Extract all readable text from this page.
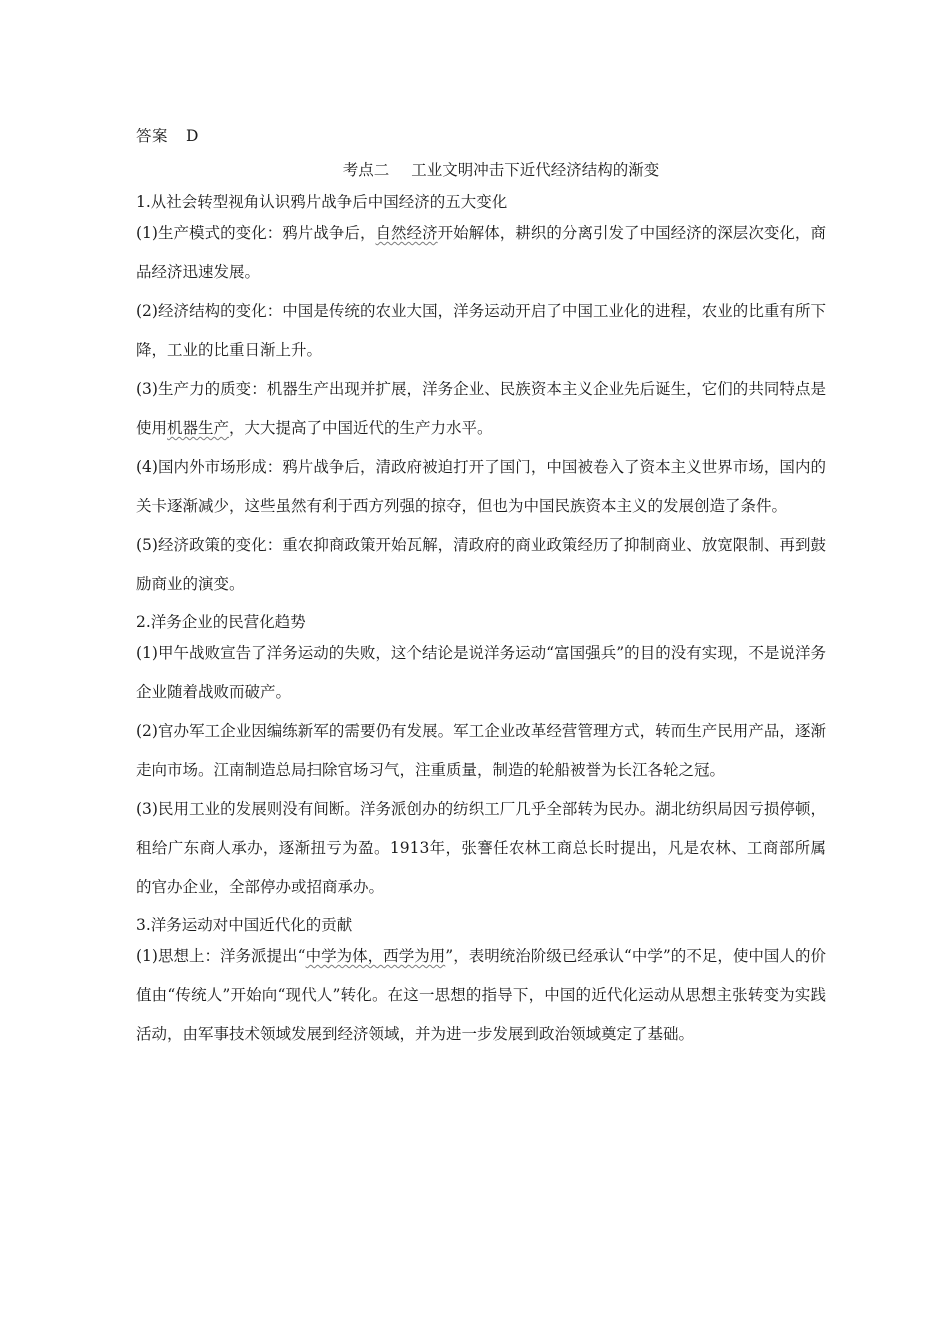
答案 D
考点二 工业文明冲击下近代经济结构的渐变
1.从社会转型视角认识鸦片战争后中国经济的五大变化

(1)生产模式的变化：鸦片战争后，自然经济开始解体，耕织的分离引发了中国经济的深层次变化，商品经济迅速发展。

(2)经济结构的变化：中国是传统的农业大国，洋务运动开启了中国工业化的进程，农业的比重有所下降，工业的比重日渐上升。

(3)生产力的质变：机器生产出现并扩展，洋务企业、民族资本主义企业先后诞生，它们的共同特点是使用机器生产，大大提高了中国近代的生产力水平。

(4)国内外市场形成：鸦片战争后，清政府被迫打开了国门，中国被卷入了资本主义世界市场，国内的关卡逐渐减少，这些虽然有利于西方列强的掠夺，但也为中国民族资本主义的发展创造了条件。

(5)经济政策的变化：重农抑商政策开始瓦解，清政府的商业政策经历了抑制商业、放宽限制、再到鼓励商业的演变。

2.洋务企业的民营化趋势

(1)甲午战败宣告了洋务运动的失败，这个结论是说洋务运动“富国强兵”的目的没有实现，不是说洋务企业随着战败而破产。

(2)官办军工企业因编练新军的需要仍有发展。军工企业改革经营管理方式，转而生产民用产品，逐渐走向市场。江南制造总局扫除官场习气，注重质量，制造的轮船被誉为长江各轮之冠。

(3)民用工业的发展则没有间断。洋务派创办的纺织工厂几乎全部转为民办。湖北纺织局因亏损停顿，租给广东商人承办，逐渐扭亏为盈。1913年，张謇任农林工商总长时提出，凡是农林、工商部所属的官办企业，全部停办或招商承办。

3.洋务运动对中国近代化的贡献

(1)思想上：洋务派提出“中学为体，西学为用”，表明统治阶级已经承认“中学”的不足，使中国人的价值由“传统人”开始向“现代人”转化。在这一思想的指导下，中国的近代化运动从思想主张转变为实践活动，由军事技术领域发展到经济领域，并为进一步发展到政治领域奠定了基础。
